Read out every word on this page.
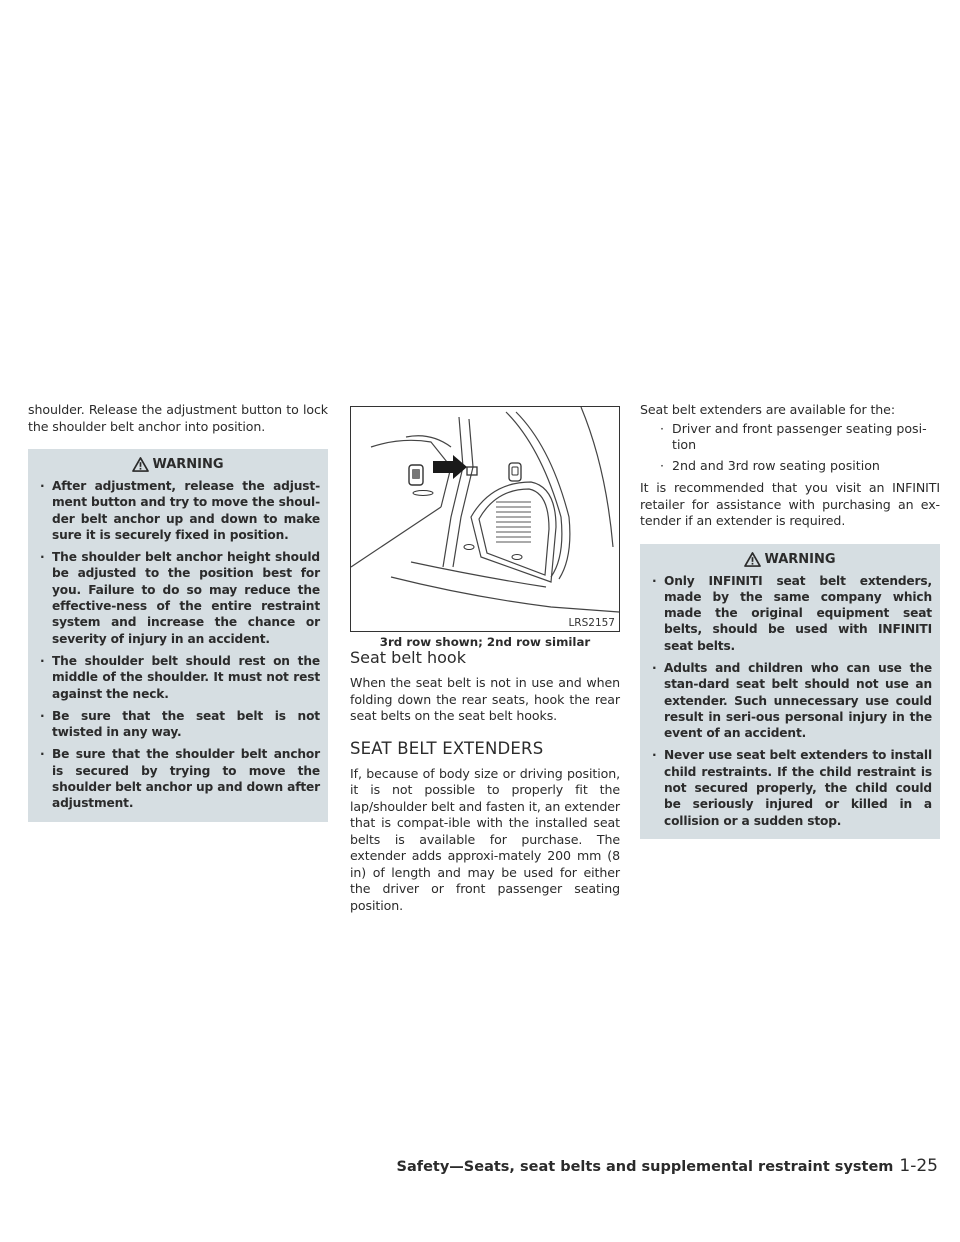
shoulder. Release the adjustment button to lock the shoulder belt anchor into position.

WARNING
· After adjustment, release the adjust-ment button and try to move the shoul-der belt anchor up and down to make sure it is securely fixed in position.
· The shoulder belt anchor height should be adjusted to the position best for you. Failure to do so may reduce the effective-ness of the entire restraint system and increase the chance or severity of injury in an accident.
· The shoulder belt should rest on the middle of the shoulder. It must not rest against the neck.
· Be sure that the seat belt is not twisted in any way.
· Be sure that the shoulder belt anchor is secured by trying to move the shoulder belt anchor up and down after adjustment.
LRS2157
3rd row shown; 2nd row similar
Seat belt hook

When the seat belt is not in use and when folding down the rear seats, hook the rear seat belts on the seat belt hooks.

SEAT BELT EXTENDERS

If, because of body size or driving position, it is not possible to properly fit the lap/shoulder belt and fasten it, an extender that is compat-ible with the installed seat belts is available for purchase. The extender adds approxi-mately 200 mm (8 in) of length and may be used for either the driver or front passenger seating position.

Seat belt extenders are available for the:

· Driver and front passenger seating posi-tion
· 2nd and 3rd row seating position

It is recommended that you visit an INFINITI retailer for assistance with purchasing an ex-tender if an extender is required.

WARNING
· Only INFINITI seat belt extenders, made by the same company which made the original equipment seat belts, should be used with INFINITI seat belts.
· Adults and children who can use the stan-dard seat belt should not use an extender. Such unnecessary use could result in seri-ous personal injury in the event of an accident.
· Never use seat belt extenders to install child restraints. If the child restraint is not secured properly, the child could be seriously injured or killed in a collision or a sudden stop.
Safety—Seats, seat belts and supplemental restraint system 1-25
